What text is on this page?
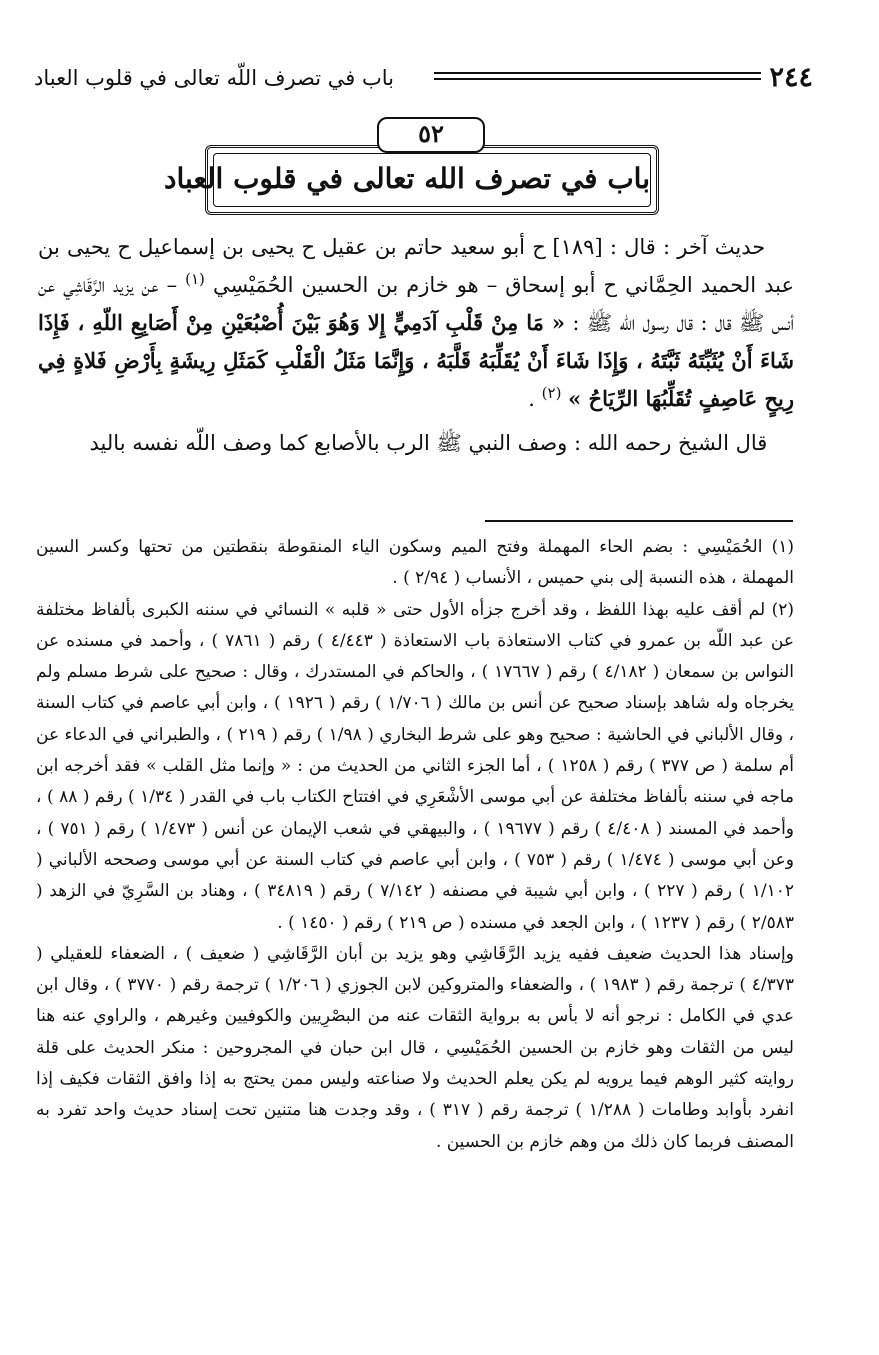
٢٤٤
باب في تصرف اللّه تعالى في قلوب العباد
باب في تصرف الله تعالى في قلوب العباد
٥٢

حديث آخر : قال : [١٨٩] ح أبو سعيد حاتم بن عقيل ح يحيى بن إسماعيل ح يحيى بن عبد الحميد الحِمَّاني ح أبو إسحاق – هو خازم بن الحسين الحُمَيْسِي $^{(١)}$ – عن يزيد الرَّقَاشِي عن أنس ﷺ قال : قال رسول اللّه ﷺ : « مَا مِنْ قَلْبِ آدَمِيٍّ إِلا وَهُوَ بَيْنَ أُصْبُعَيْنِ مِنْ أَصَابِعِ اللّهِ ، فَإِذَا شَاءَ أَنْ يُثَبِّتَهُ ثَبَّتَهُ ، وَإِذَا شَاءَ أَنْ يُقَلِّبَهُ قَلَّبَهُ ، وَإِنَّمَا مَثَلُ الْقَلْبِ كَمَثَلِ رِيشَةٍ بِأَرْضِ فَلاةٍ فِي رِيحٍ عَاصِفٍ تُقَلِّبُهَا الرِّيَاحُ » $^{(٢)}$ .

قال الشيخ رحمه الله : وصف النبي ﷺ الرب بالأصابع كما وصف اللّه نفسه باليد

(١) الحُمَيْسِي : بضم الحاء المهملة وفتح الميم وسكون الياء المنقوطة بنقطتين من تحتها وكسر السين المهملة ، هذه النسبة إلى بني حميس ، الأنساب ( ٢/٩٤ ) .

(٢) لم أقف عليه بهذا اللفظ ، وقد أخرج جزأه الأول حتى « قلبه » النسائي في سننه الكبرى بألفاظ مختلفة عن عبد اللّه بن عمرو في كتاب الاستعاذة باب الاستعاذة ( ٤/٤٤٣ ) رقم ( ٧٨٦١ ) ، وأحمد في مسنده عن النواس بن سمعان ( ٤/١٨٢ ) رقم ( ١٧٦٦٧ ) ، والحاكم في المستدرك ، وقال : صحيح على شرط مسلم ولم يخرجاه وله شاهد بإسناد صحيح عن أنس بن مالك ( ١/٧٠٦ ) رقم ( ١٩٢٦ ) ، وابن أبي عاصم في كتاب السنة ، وقال الألباني في الحاشية : صحيح وهو على شرط البخاري ( ١/٩٨ ) رقم ( ٢١٩ ) ، والطبراني في الدعاء عن أم سلمة ( ص ٣٧٧ ) رقم ( ١٢٥٨ ) ، أما الجزء الثاني من الحديث من : « وإنما مثل القلب » فقد أخرجه ابن ماجه في سننه بألفاظ مختلفة عن أبي موسى الأشْعَرِي في افتتاح الكتاب باب في القدر ( ١/٣٤ ) رقم ( ٨٨ ) ، وأحمد في المسند ( ٤/٤٠٨ ) رقم ( ١٩٦٧٧ ) ، والبيهقي في شعب الإيمان عن أنس ( ١/٤٧٣ ) رقم ( ٧٥١ ) ، وعن أبي موسى ( ١/٤٧٤ ) رقم ( ٧٥٣ ) ، وابن أبي عاصم في كتاب السنة عن أبي موسى وصححه الألباني ( ١/١٠٢ ) رقم ( ٢٢٧ ) ، وابن أبي شيبة في مصنفه ( ٧/١٤٢ ) رقم ( ٣٤٨١٩ ) ، وهناد بن السَّرِيّ في الزهد ( ٢/٥٨٣ ) رقم ( ١٢٣٧ ) ، وابن الجعد في مسنده ( ص ٢١٩ ) رقم ( ١٤٥٠ ) .

وإسناد هذا الحديث ضعيف ففيه يزيد الرَّقَاشِي وهو يزيد بن أبان الرَّقَاشِي ( ضعيف ) ، الضعفاء للعقيلي ( ٤/٣٧٣ ) ترجمة رقم ( ١٩٨٣ ) ، والضعفاء والمتروكين لابن الجوزي ( ١/٢٠٦ ) ترجمة رقم ( ٣٧٧٠ ) ، وقال ابن عدي في الكامل : نرجو أنه لا بأس به برواية الثقات عنه من البصْرِيين والكوفيين وغيرهم ، والراوي عنه هنا ليس من الثقات وهو خازم بن الحسين الحُمَيْسِي ، قال ابن حبان في المجروحين : منكر الحديث على قلة روايته كثير الوهم فيما يرويه لم يكن يعلم الحديث ولا صناعته وليس ممن يحتج به إذا وافق الثقات فكيف إذا انفرد بأوابد وطامات ( ١/٢٨٨ ) ترجمة رقم ( ٣١٧ ) ، وقد وجدت هنا متنين تحت إسناد حديث واحد تفرد به المصنف فربما كان ذلك من وهم خازم بن الحسين .
